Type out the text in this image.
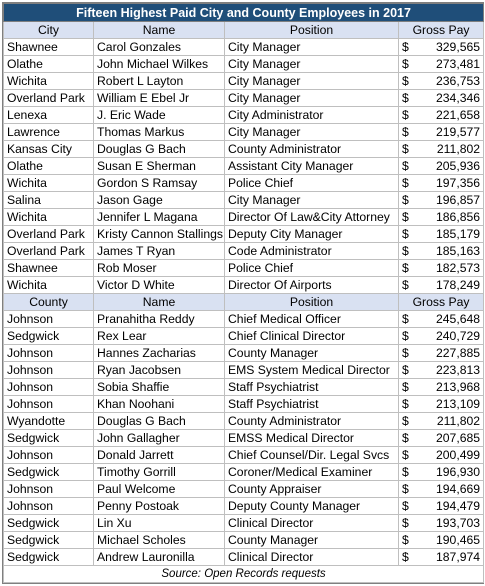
Fifteen Highest Paid City and County Employees in 2017			
City	Name	Position	Gross Pay
Shawnee	Carol Gonzales	City Manager	$ 329,565

Olathe	John Michael Wilkes	City Manager	$ 273,481

Wichita	Robert L Layton	City Manager	$ 236,753

Overland Park	William E Ebel Jr	City Manager	$ 234,346

Lenexa	J. Eric Wade	City Administrator	$ 221,658

Lawrence	Thomas Markus	City Manager	$ 219,577

Kansas City	Douglas G Bach	County Administrator	$ 211,802

Olathe	Susan E Sherman	Assistant City Manager	$ 205,936

Wichita	Gordon S Ramsay	Police Chief	$ 197,356

Salina	Jason Gage	City Manager	$ 196,857

Wichita	Jennifer L Magana	Director Of Law&City Attorney	$ 186,856

Overland Park	Kristy Cannon Stallings	Deputy City Manager	$ 185,179

Overland Park	James T Ryan	Code Administrator	$ 185,163

Shawnee	Rob Moser	Police Chief	$ 182,573

Wichita	Victor D White	Director Of Airports	$ 178,249

County	Name	Position	Gross Pay
Johnson	Pranahitha Reddy	Chief Medical Officer	$ 245,648

Sedgwick	Rex Lear	Chief Clinical Director	$ 240,729

Johnson	Hannes Zacharias	County Manager	$ 227,885

Johnson	Ryan Jacobsen	EMS System Medical Director	$ 223,813

Johnson	Sobia Shaffie	Staff Psychiatrist	$ 213,968

Johnson	Khan Noohani	Staff Psychiatrist	$ 213,109

Wyandotte	Douglas G Bach	County Administrator	$ 211,802

Sedgwick	John Gallagher	EMSS Medical Director	$ 207,685

Johnson	Donald Jarrett	Chief Counsel/Dir. Legal Svcs	$ 200,499

Sedgwick	Timothy Gorrill	Coroner/Medical Examiner	$ 196,930

Johnson	Paul Welcome	County Appraiser	$ 194,669

Johnson	Penny Postoak	Deputy County Manager	$ 194,479

Sedgwick	Lin Xu	Clinical Director	$ 193,703

Sedgwick	Michael Scholes	County Manager	$ 190,465

Sedgwick	Andrew Lauronilla	Clinical Director	$ 187,974

Source: Open Records requests			
